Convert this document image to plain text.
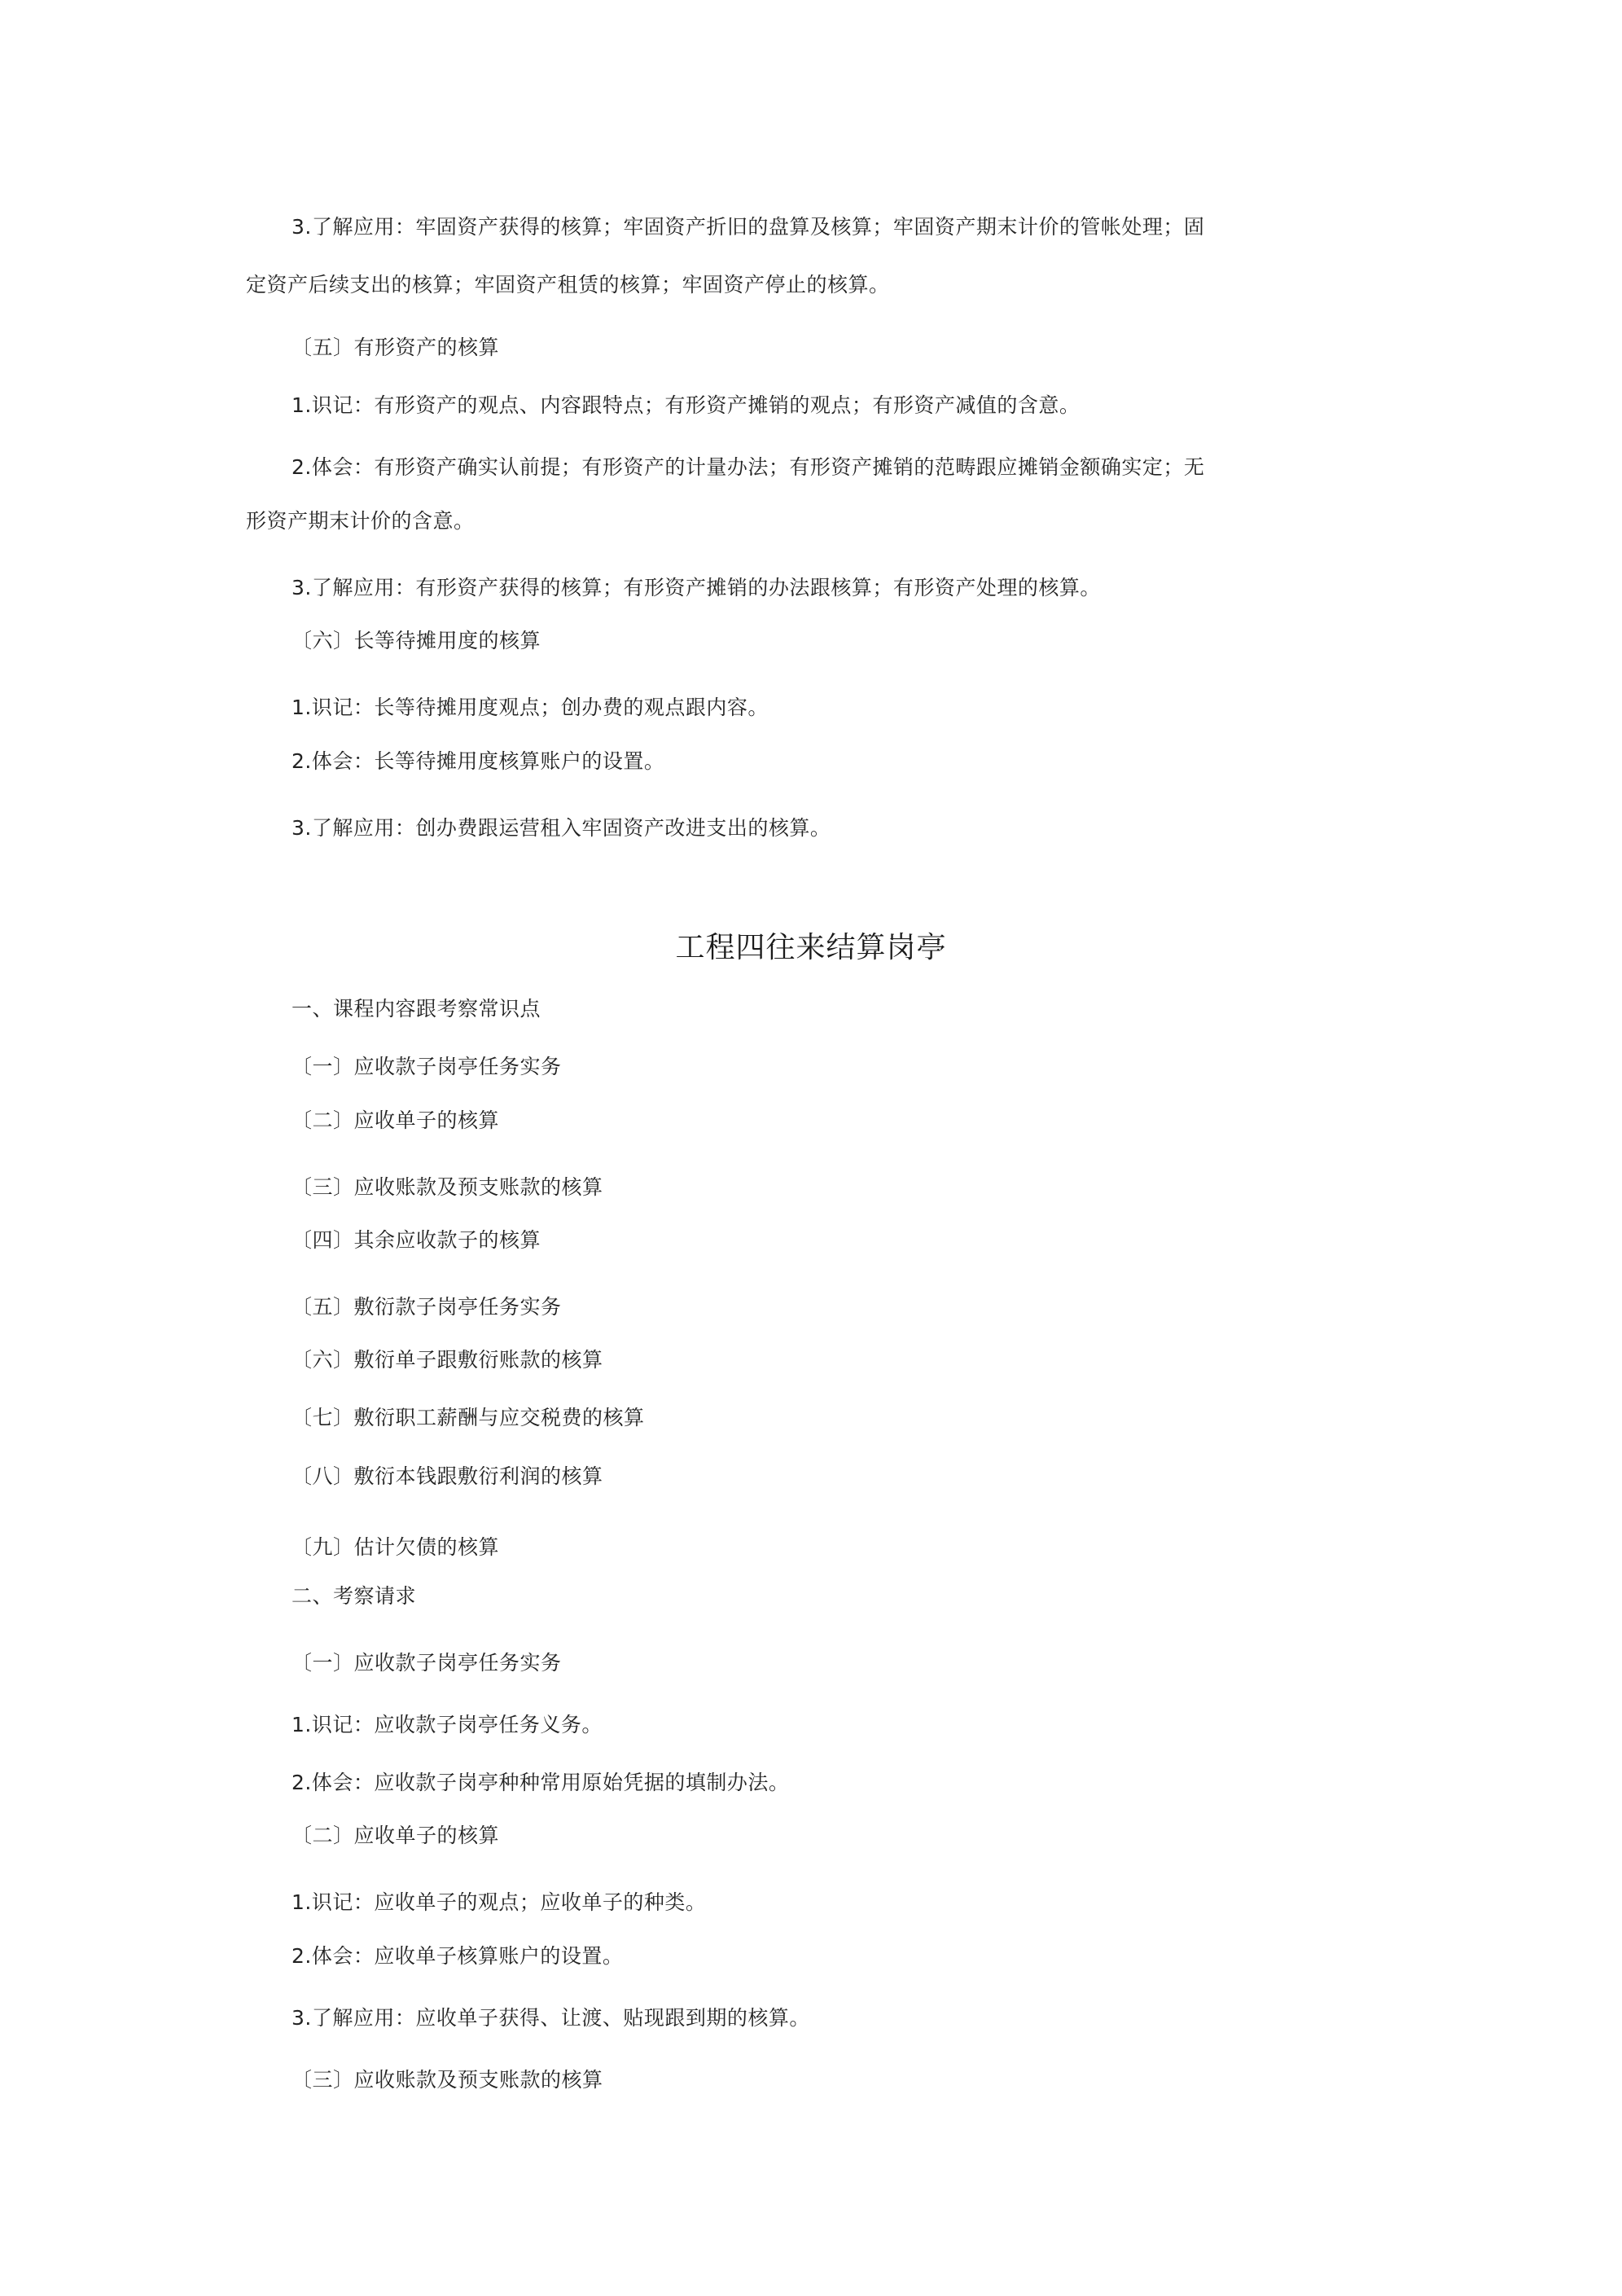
3.了解应用：牢固资产获得的核算；牢固资产折旧的盘算及核算；牢固资产期末计价的管帐处理；固
定资产后续支出的核算；牢固资产租赁的核算；牢固资产停止的核算。
〔五〕有形资产的核算
1.识记：有形资产的观点、内容跟特点；有形资产摊销的观点；有形资产减值的含意。
2.体会：有形资产确实认前提；有形资产的计量办法；有形资产摊销的范畴跟应摊销金额确实定；无
形资产期末计价的含意。
3.了解应用：有形资产获得的核算；有形资产摊销的办法跟核算；有形资产处理的核算。
〔六〕长等待摊用度的核算
1.识记：长等待摊用度观点；创办费的观点跟内容。
2.体会：长等待摊用度核算账户的设置。
3.了解应用：创办费跟运营租入牢固资产改进支出的核算。
工程四往来结算岗亭
一、课程内容跟考察常识点
〔一〕应收款子岗亭任务实务
〔二〕应收单子的核算
〔三〕应收账款及预支账款的核算
〔四〕其余应收款子的核算
〔五〕敷衍款子岗亭任务实务
〔六〕敷衍单子跟敷衍账款的核算
〔七〕敷衍职工薪酬与应交税费的核算
〔八〕敷衍本钱跟敷衍利润的核算
〔九〕估计欠债的核算
二、考察请求
〔一〕应收款子岗亭任务实务
1.识记：应收款子岗亭任务义务。
2.体会：应收款子岗亭种种常用原始凭据的填制办法。
〔二〕应收单子的核算
1.识记：应收单子的观点；应收单子的种类。
2.体会：应收单子核算账户的设置。
3.了解应用：应收单子获得、让渡、贴现跟到期的核算。
〔三〕应收账款及预支账款的核算
